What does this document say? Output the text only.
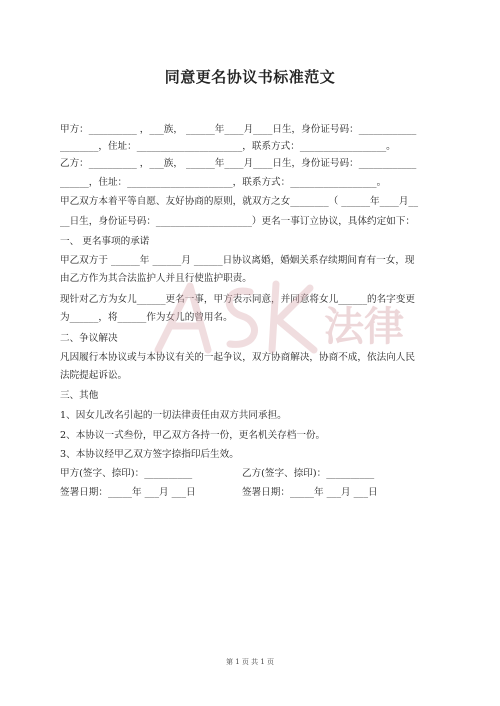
同意更名协议书标准范文
甲方：__________ ，___族， ______年____月____日生，身份证号码：____________
________，住址：______________________，联系方式：__________________。
乙方：__________ ，___族， ______年____月____日生，身份证号码：____________
______，住址：______________________，联系方式：__________________。
甲乙双方本着平等自愿、友好协商的原则，就双方之女________（ ______年____月__
__日生，身份证号码：____________________）更名一事订立协议，具体约定如下：
一、 更名事项的承诺
甲乙双方于 ______年 ______月 ______日协议离婚，婚姻关系存续期间育有一女，现
由乙方作为其合法监护人并且行使监护职责。
现针对乙方为女儿______更名一事，甲方表示同意，并同意将女儿______的名字变更
为______，将______作为女儿的曾用名。
二、争议解决
凡因履行本协议或与本协议有关的一起争议，双方协商解决，协商不成，依法向人民
法院提起诉讼。
三、其他
1、因女儿改名引起的一切法律责任由双方共同承担。
2、本协议一式叁份，甲乙双方各持一份，更名机关存档一份。
3、本协议经甲乙双方签字捺指印后生效。
甲方(签字、捺印)：__________	乙方(签字、捺印)：__________
签署日期：_____年 ___月 ___日	签署日期：_____年 ___月 ___日
法律
第 1 页 共 1 页
